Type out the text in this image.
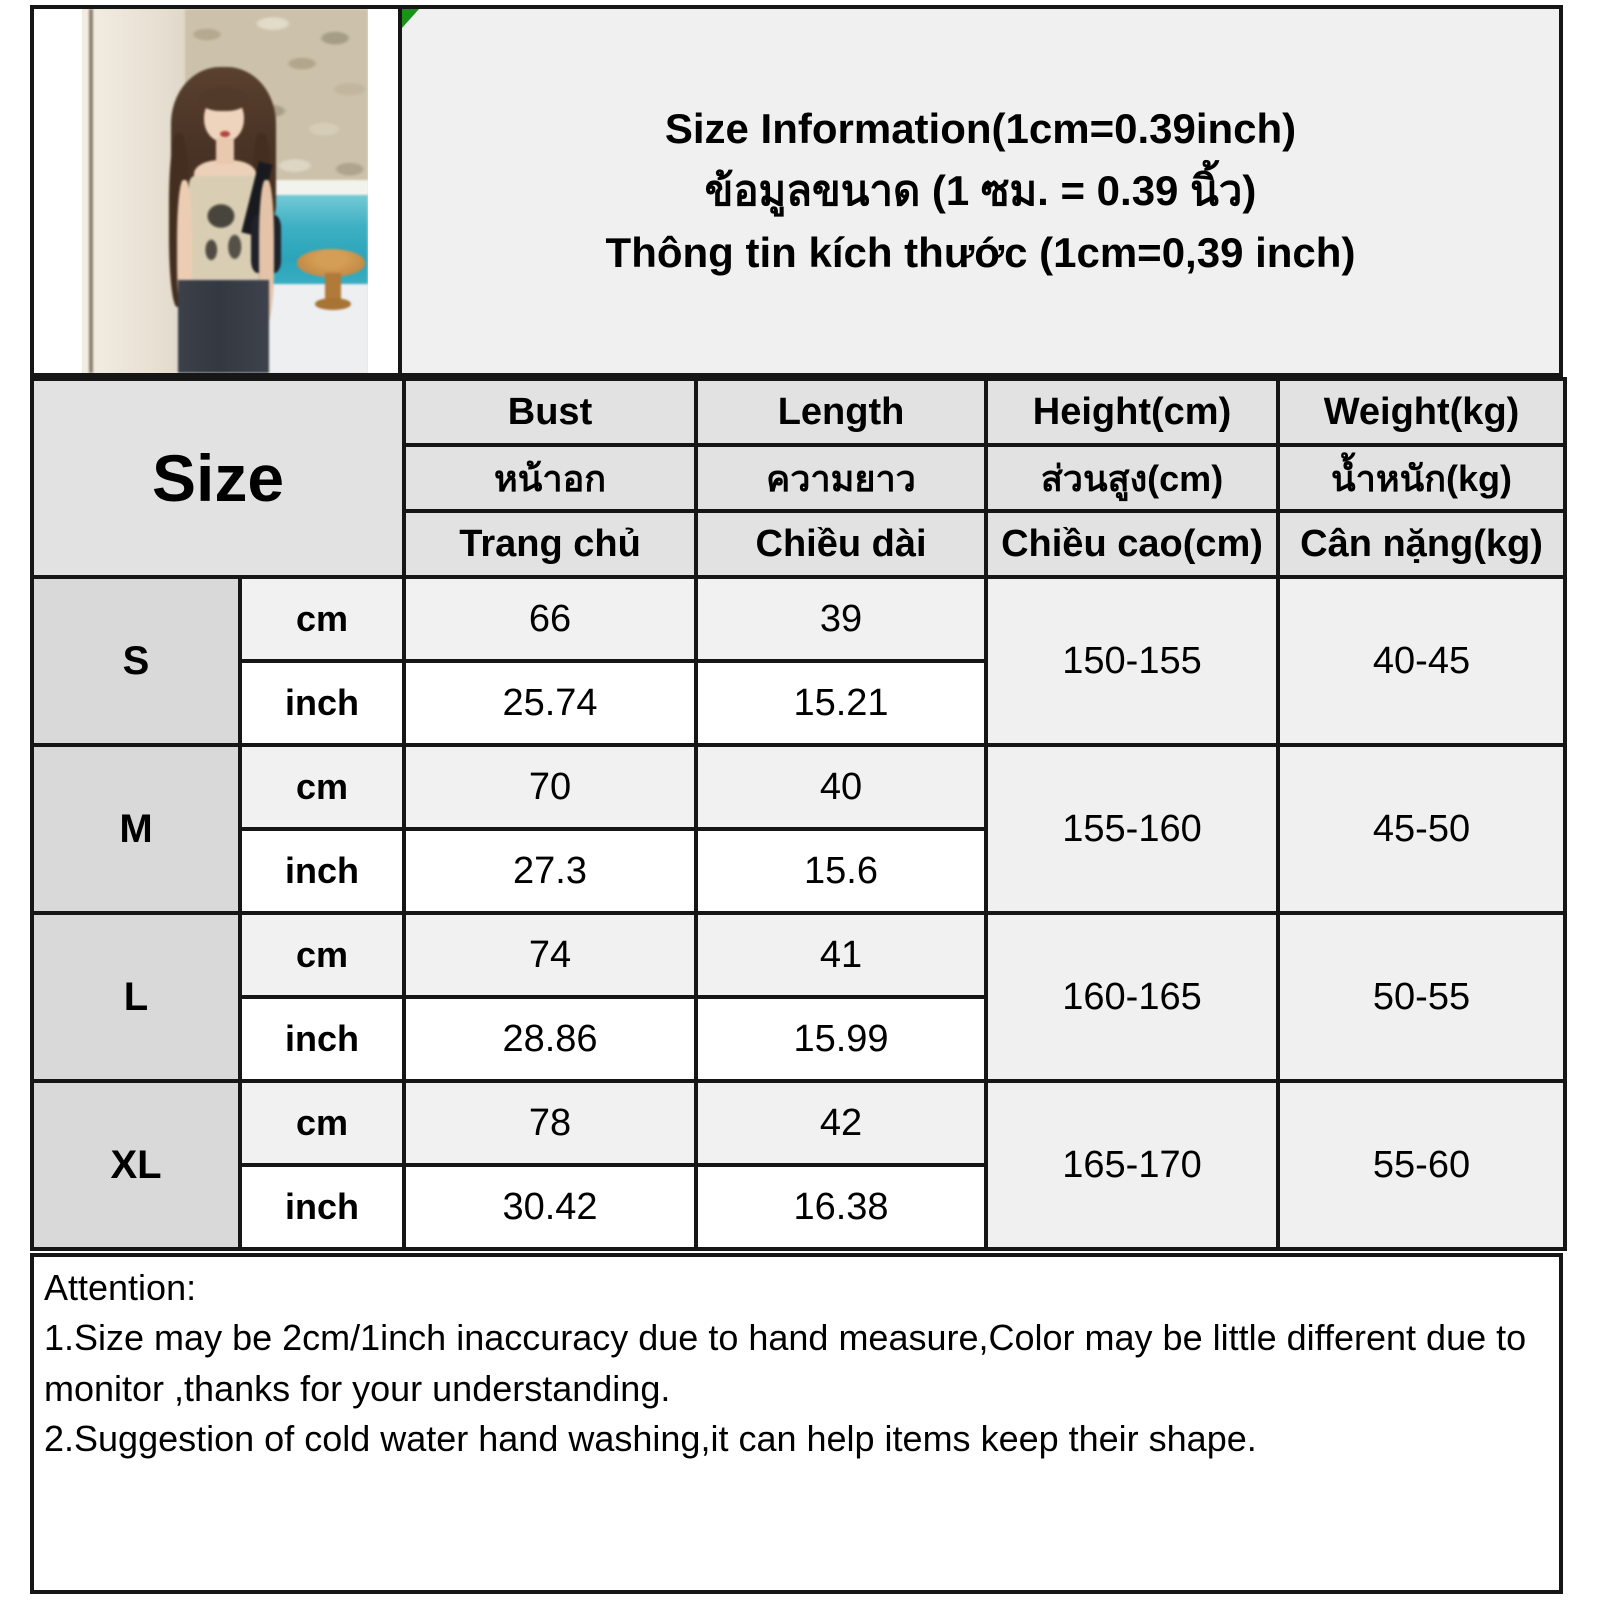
Size Information(1cm=0.39inch)
ข้อมูลขนาด (1 ซม. = 0.39 นิ้ว)
Thông tin kích thước (1cm=0,39 inch)
Size		Bust	Length	Height(cm)	Weight(kg)
		หน้าอก	ความยาว	ส่วนสูง(cm)	น้ำหนัก(kg)
		Trang chủ	Chiều dài	Chiều cao(cm)	Cân nặng(kg)
S	cm	66	39	150-155	40-45
	inch	25.74	15.21		
M	cm	70	40	155-160	45-50
	inch	27.3	15.6		
L	cm	74	41	160-165	50-55
	inch	28.86	15.99		
XL	cm	78	42	165-170	55-60
	inch	30.42	16.38		

Attention:

1.Size may be 2cm/1inch inaccuracy due to hand measure,Color may be little different due to monitor ,thanks for your understanding.

2.Suggestion of cold water hand washing,it can help items keep their shape.
